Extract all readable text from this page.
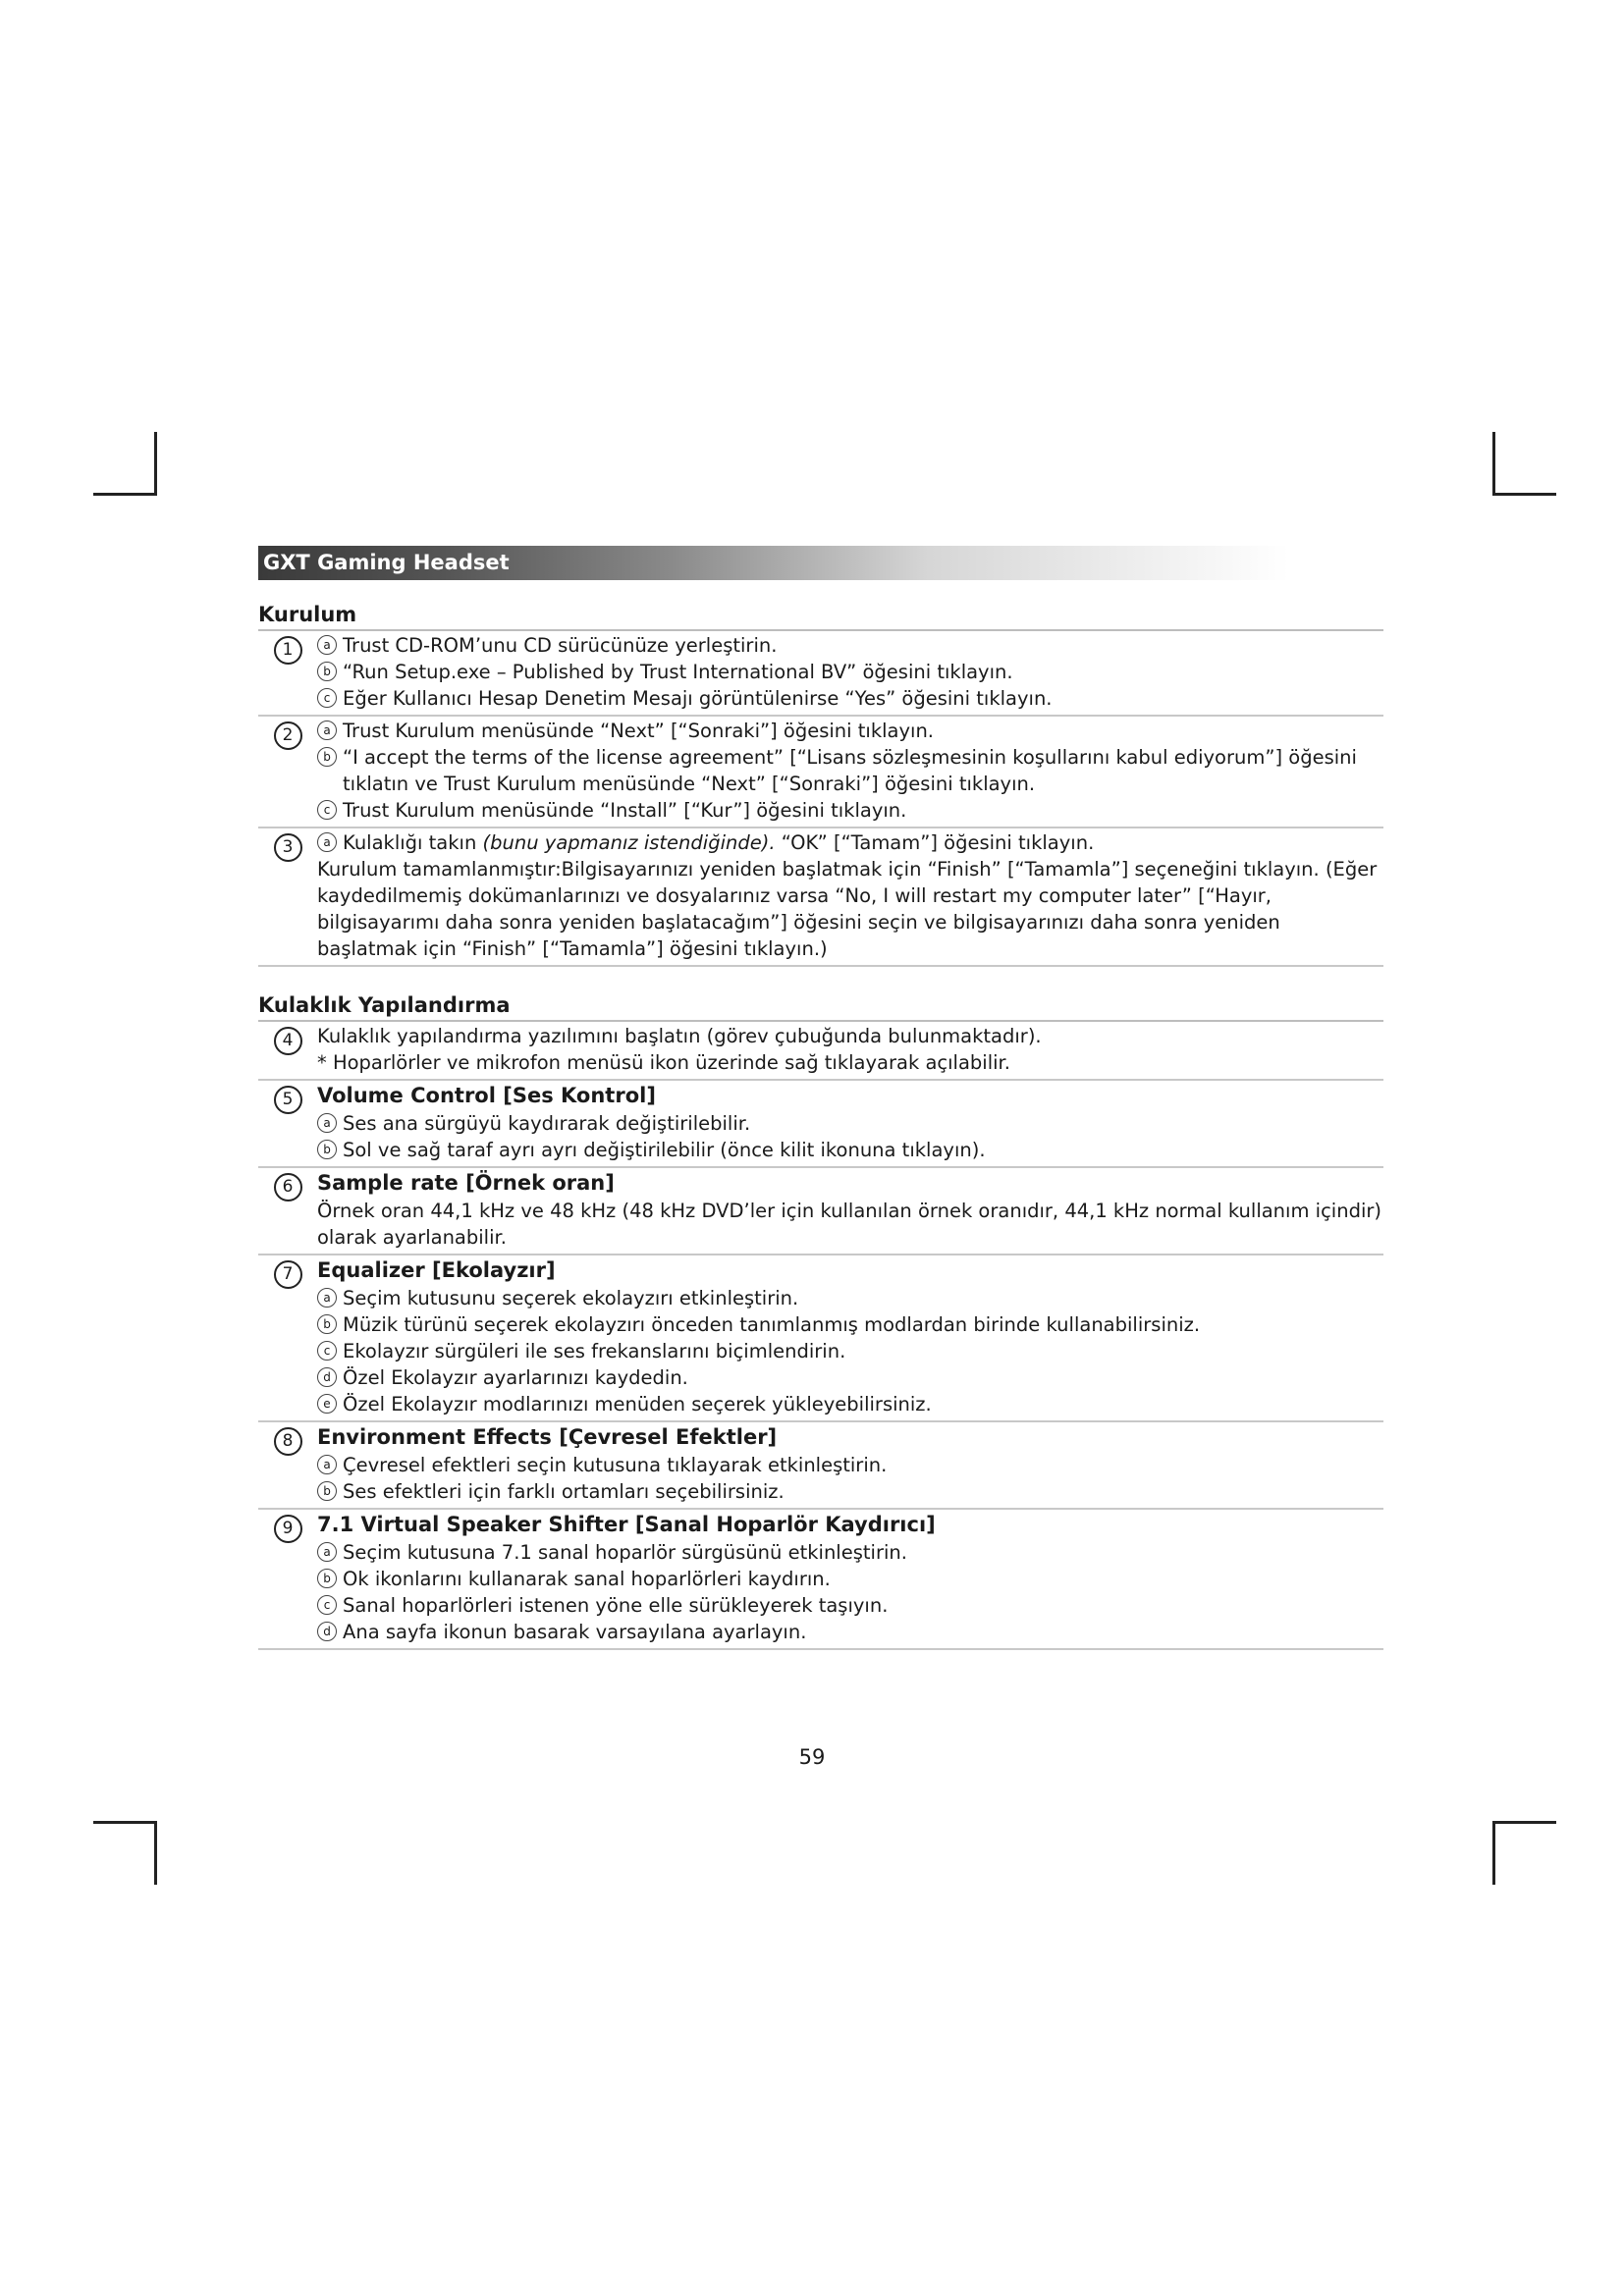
GXT Gaming Headset
Kurulum
1	a Trust CD-ROM’unu CD sürücünüze yerleştirin.
b “Run Setup.exe – Published by Trust International BV” öğesini tıklayın.
c Eğer Kullanıcı Hesap Denetim Mesajı görüntülenirse “Yes” öğesini tıklayın.
2	a Trust Kurulum menüsünde “Next” [“Sonraki”] öğesini tıklayın.
b “I accept the terms of the license agreement” [“Lisans sözleşmesinin koşullarını kabul ediyorum”] öğesini tıklatın ve Trust Kurulum menüsünde “Next” [“Sonraki”] öğesini tıklayın.
c Trust Kurulum menüsünde “Install” [“Kur”] öğesini tıklayın.
3	a Kulaklığı takın (bunu yapmanız istendiğinde). “OK” [“Tamam”] öğesini tıklayın.
Kurulum tamamlanmıştır:Bilgisayarınızı yeniden başlatmak için “Finish” [“Tamamla”] seçeneğini tıklayın. (Eğer kaydedilmemiş dokümanlarınızı ve dosyalarınız varsa “No, I will restart my computer later” [“Hayır, bilgisayarımı daha sonra yeniden başlatacağım”] öğesini seçin ve bilgisayarınızı daha sonra yeniden başlatmak için “Finish” [“Tamamla”] öğesini tıklayın.)
Kulaklık Yapılandırma
4	Kulaklık yapılandırma yazılımını başlatın (görev çubuğunda bulunmaktadır).
* Hoparlörler ve mikrofon menüsü ikon üzerinde sağ tıklayarak açılabilir.
5	Volume Control [Ses Kontrol]
a Ses ana sürgüyü kaydırarak değiştirilebilir.
b Sol ve sağ taraf ayrı ayrı değiştirilebilir (önce kilit ikonuna tıklayın).
6	Sample rate [Örnek oran]
Örnek oran 44,1 kHz ve 48 kHz (48 kHz DVD’ler için kullanılan örnek oranıdır, 44,1 kHz normal kullanım içindir) olarak ayarlanabilir.
7	Equalizer [Ekolayzır]
a Seçim kutusunu seçerek ekolayzırı etkinleştirin.
b Müzik türünü seçerek ekolayzırı önceden tanımlanmış modlardan birinde kullanabilirsiniz.
c Ekolayzır sürgüleri ile ses frekanslarını biçimlendirin.
d Özel Ekolayzır ayarlarınızı kaydedin.
e Özel Ekolayzır modlarınızı menüden seçerek yükleyebilirsiniz.
8	Environment Effects [Çevresel Efektler]
a Çevresel efektleri seçin kutusuna tıklayarak etkinleştirin.
b Ses efektleri için farklı ortamları seçebilirsiniz.
9	7.1 Virtual Speaker Shifter [Sanal Hoparlör Kaydırıcı]
a Seçim kutusuna 7.1 sanal hoparlör sürgüsünü etkinleştirin.
b Ok ikonlarını kullanarak sanal hoparlörleri kaydırın.
c Sanal hoparlörleri istenen yöne elle sürükleyerek taşıyın.
d Ana sayfa ikonun basarak varsayılana ayarlayın.
59
